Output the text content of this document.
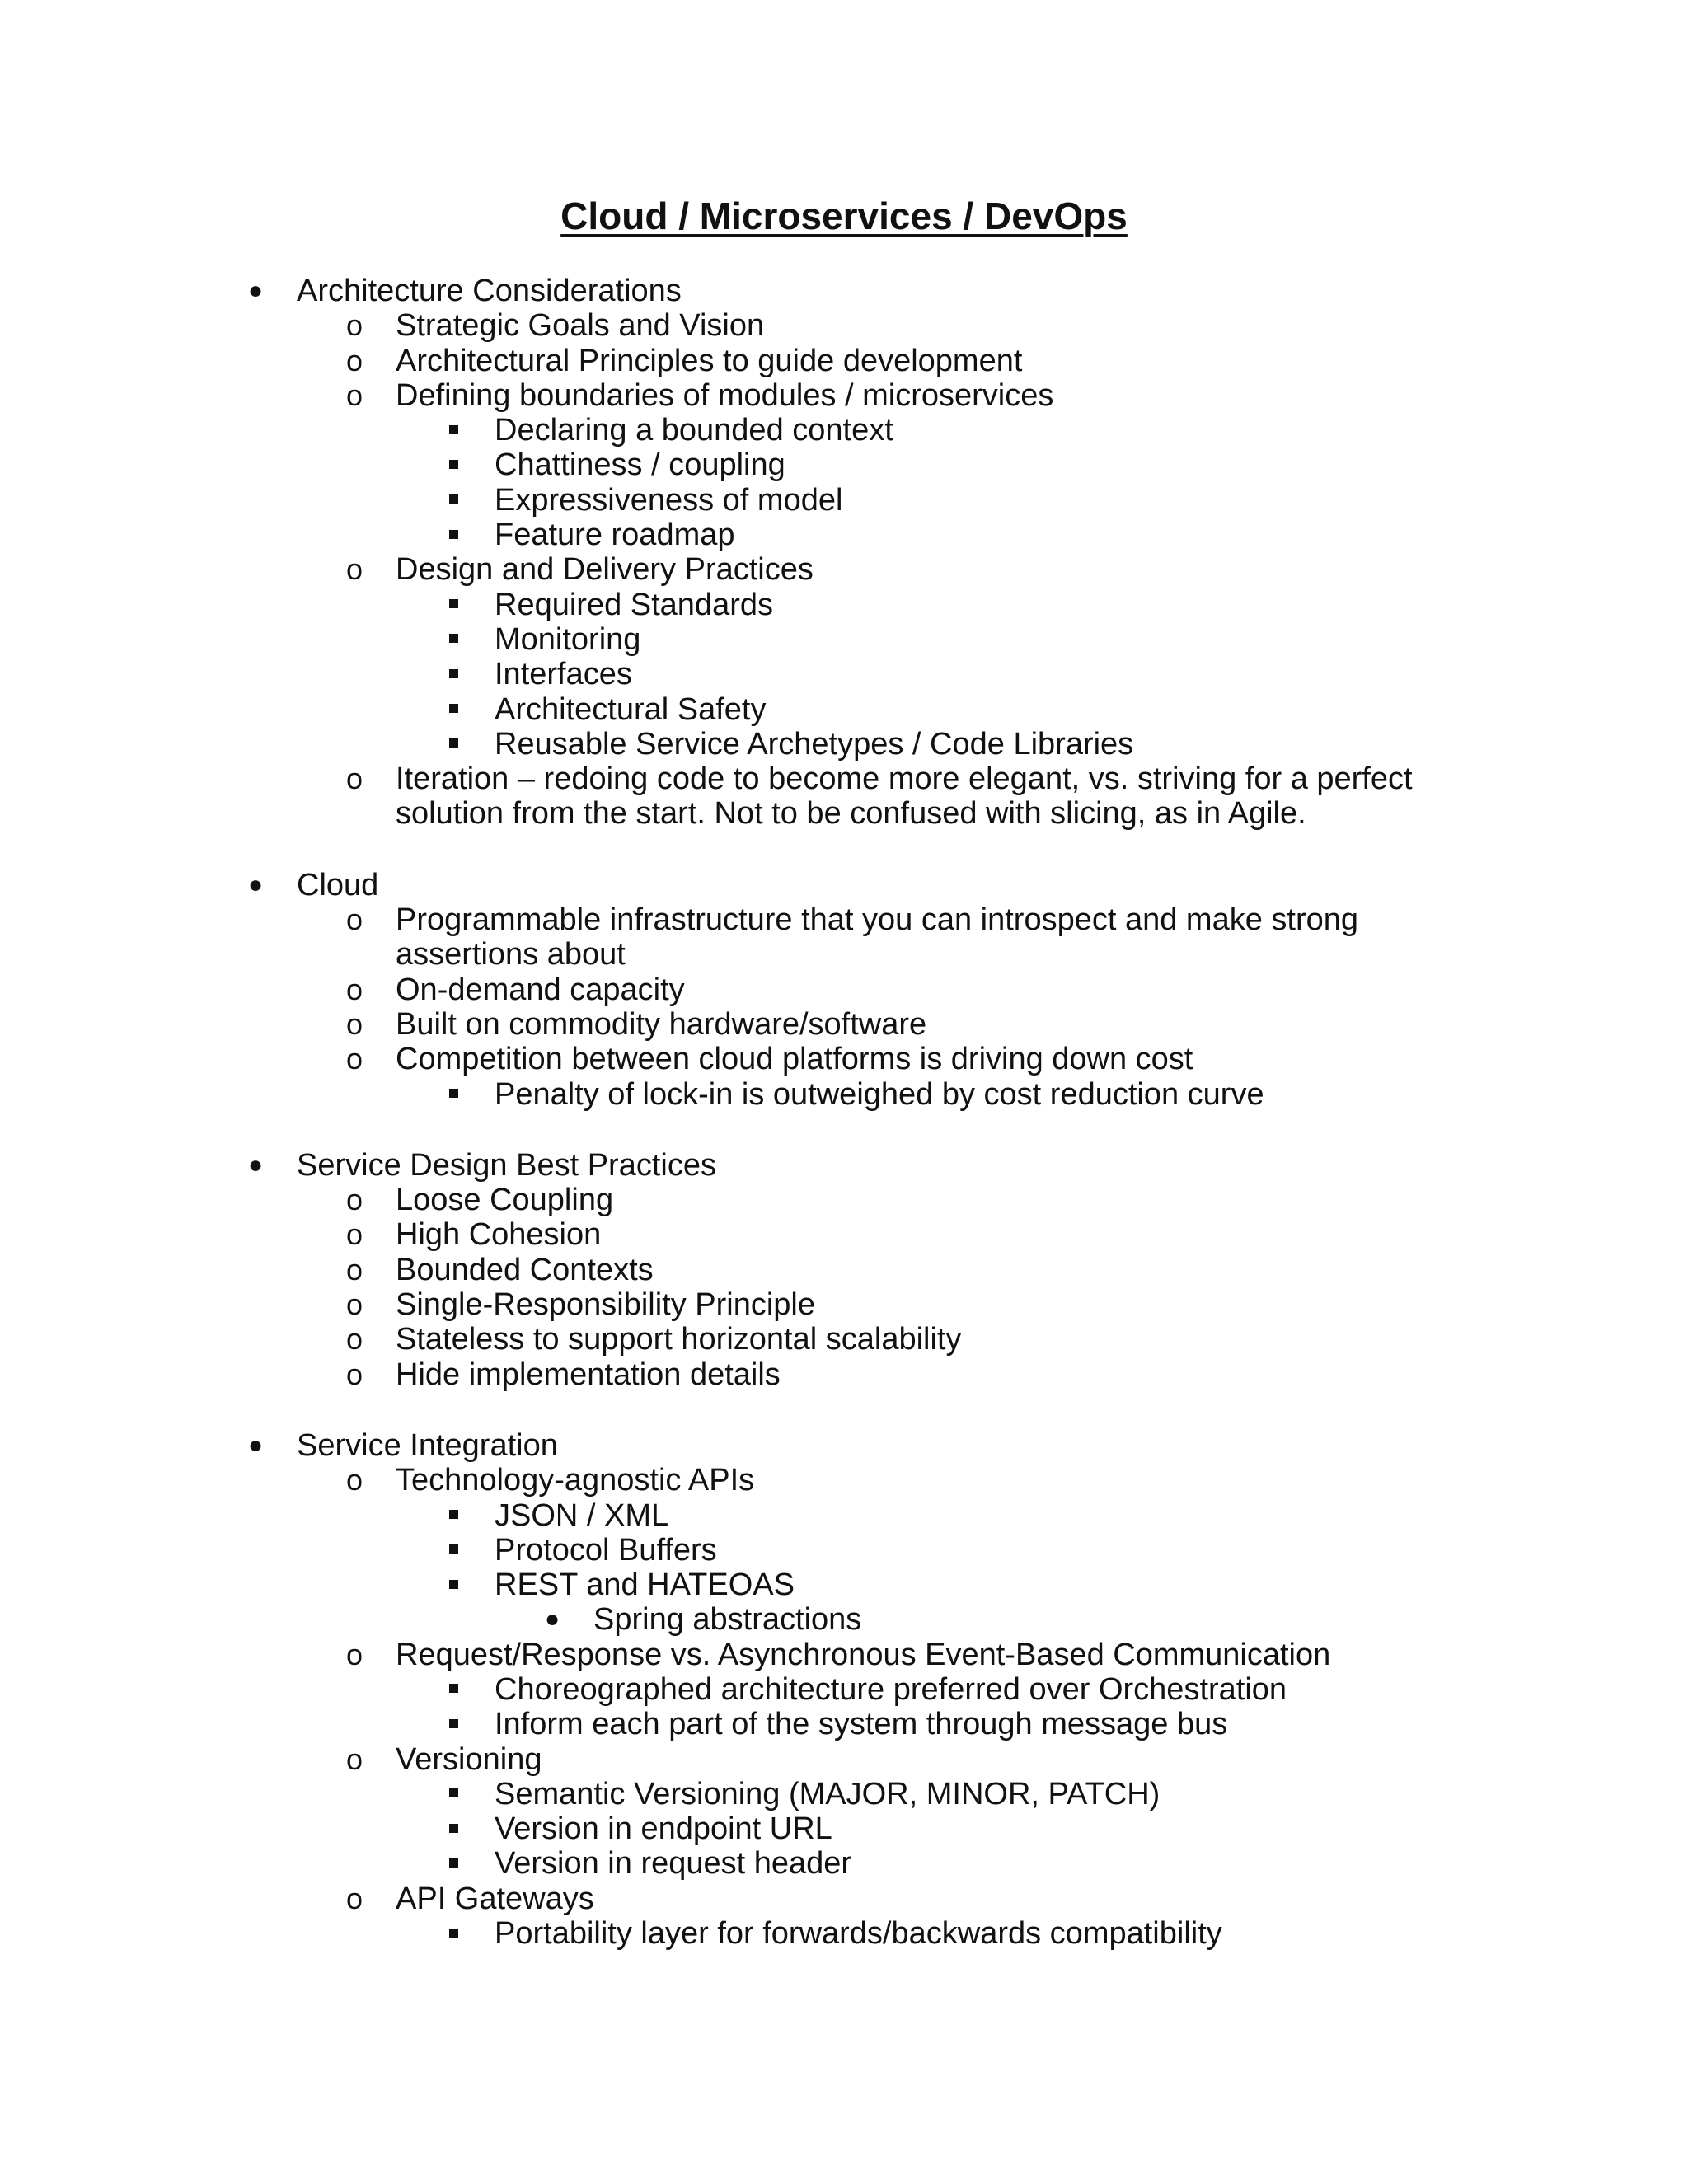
Cloud / Microservices / DevOps
● Architecture Considerations
o Strategic Goals and Vision
o Architectural Principles to guide development
o Defining boundaries of modules / microservices
Declaring a bounded context
Chattiness / coupling
Expressiveness of model
Feature roadmap
o Design and Delivery Practices
Required Standards
Monitoring
Interfaces
Architectural Safety
Reusable Service Archetypes / Code Libraries
o Iteration – redoing code to become more elegant, vs. striving for a perfect
solution from the start. Not to be confused with slicing, as in Agile.
● Cloud
o Programmable infrastructure that you can introspect and make strong
assertions about
o On-demand capacity
o Built on commodity hardware/software
o Competition between cloud platforms is driving down cost
Penalty of lock-in is outweighed by cost reduction curve
● Service Design Best Practices
o Loose Coupling
o High Cohesion
o Bounded Contexts
o Single-Responsibility Principle
o Stateless to support horizontal scalability
o Hide implementation details
● Service Integration
o Technology-agnostic APIs
JSON / XML
Protocol Buffers
REST and HATEOAS
● Spring abstractions
o Request/Response vs. Asynchronous Event-Based Communication
Choreographed architecture preferred over Orchestration
Inform each part of the system through message bus
o Versioning
Semantic Versioning (MAJOR, MINOR, PATCH)
Version in endpoint URL
Version in request header
o API Gateways
Portability layer for forwards/backwards compatibility
